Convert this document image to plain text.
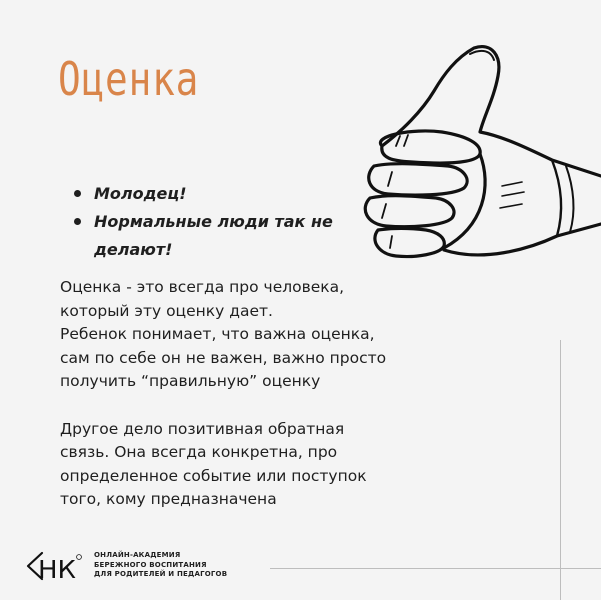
Оценка
Молодец!
Нормальные люди так не делают!

Оценка - это всегда про человека,

который эту оценку дает.

Ребенок понимает, что важна оценка,

сам по себе он не важен, важно просто

получить “правильную” оценку

Другое дело позитивная обратная

связь. Она всегда конкретна, про

определенное событие или поступок

того, кому предназначена

НК	ОНЛАЙН-АКАДЕМИЯ
БЕРЕЖНОГО ВОСПИТАНИЯ
ДЛЯ РОДИТЕЛЕЙ И ПЕДАГОГОВ
